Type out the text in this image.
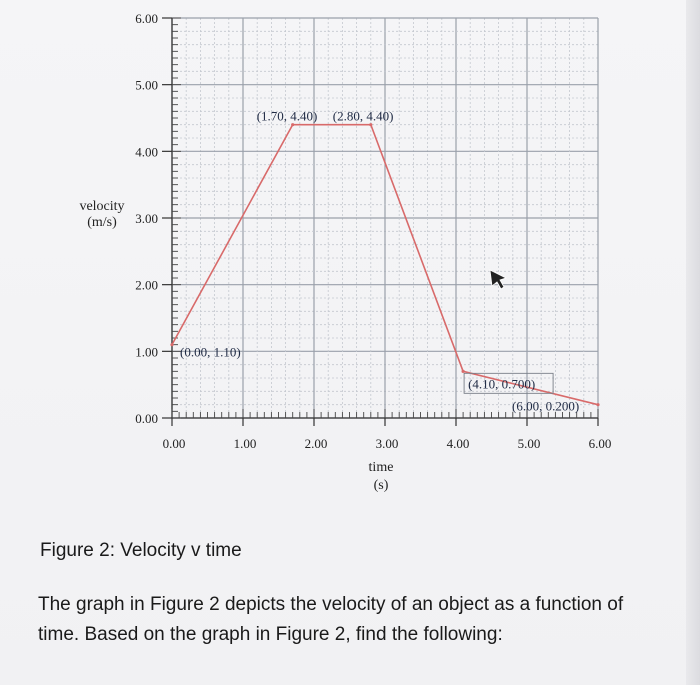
0.00
1.00
2.00
3.00
4.00
5.00
6.00
0.00	1.00	2.00	3.00	4.00	5.00	6.00
(0.00, 1.10)
(1.70, 4.40) (2.80, 4.40)
(4.10, 0.700)
(6.00, 0.200)
velocity
(m/s)
time
(s)
Figure 2: Velocity v time
The graph in Figure 2 depicts the velocity of an object as a function of time. Based on the graph in Figure 2, find the following:
